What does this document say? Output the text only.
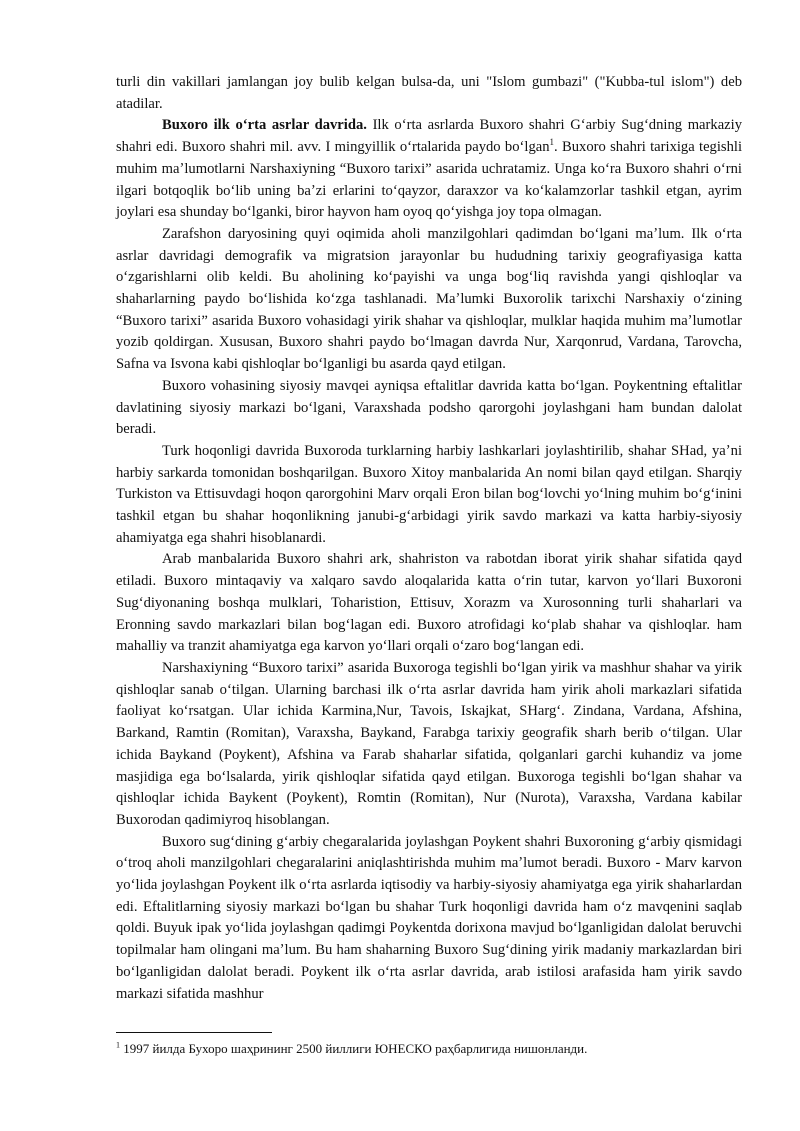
turli din vakillari jamlangan joy bulib kelgan bulsa-da, uni "Islom gumbazi" ("Kubba-tul islom") deb atadilar.

Buxoro ilk oʻrta asrlar davrida. Ilk oʻrta asrlarda Buxoro shahri Gʻarbiy Sugʻdning markaziy shahri edi. Buxoro shahri mil. avv. I mingyillik oʻrtalarida paydo boʻlgan$^1$. Buxoro shahri tarixiga tegishli muhim maʼlumotlarni Narshaxiyning “Buxoro tarixi” asarida uchratamiz. Unga koʻra Buxoro shahri oʻrni ilgari botqoqlik boʻlib uning baʼzi erlarini toʻqayzor, daraxzor va koʻkalamzorlar tashkil etgan, ayrim joylari esa shunday boʻlganki, biror hayvon ham oyoq qoʻyishga joy topa olmagan.

Zarafshon daryosining quyi oqimida aholi manzilgohlari qadimdan boʻlgani maʼlum. Ilk oʻrta asrlar davridagi demografik va migratsion jarayonlar bu hududning tarixiy geografiyasiga katta oʻzgarishlarni olib keldi. Bu aholining koʻpayishi va unga bogʻliq ravishda yangi qishloqlar va shaharlarning paydo boʻlishida koʻzga tashlanadi. Maʼlumki Buxorolik tarixchi Narshaxiy oʻzining “Buxoro tarixi” asarida Buxoro vohasidagi yirik shahar va qishloqlar, mulklar haqida muhim maʼlumotlar yozib qoldirgan. Xususan, Buxoro shahri paydo boʻlmagan davrda Nur, Xarqonrud, Vardana, Tarovcha, Safna va Isvona kabi qishloqlar boʻlganligi bu asarda qayd etilgan.

Buxoro vohasining siyosiy mavqei ayniqsa eftalitlar davrida katta boʻlgan. Poykentning eftalitlar davlatining siyosiy markazi boʻlgani, Varaxshada podsho qarorgohi joylashgani ham bundan dalolat beradi.

Turk hoqonligi davrida Buxoroda turklarning harbiy lashkarlari joylashtirilib, shahar SHad, yaʼni harbiy sarkarda tomonidan boshqarilgan. Buxoro Xitoy manbalarida An nomi bilan qayd etilgan. Sharqiy Turkiston va Ettisuvdagi hoqon qarorgohini Marv orqali Eron bilan bogʻlovchi yoʻlning muhim boʻgʻinini tashkil etgan bu shahar hoqonlikning janubi-gʻarbidagi yirik savdo markazi va katta harbiy-siyosiy ahamiyatga ega shahri hisoblanardi.

Arab manbalarida Buxoro shahri ark, shahriston va rabotdan iborat yirik shahar sifatida qayd etiladi. Buxoro mintaqaviy va xalqaro savdo aloqalarida katta oʻrin tutar, karvon yoʻllari Buxoroni Sugʻdiyonaning boshqa mulklari, Toharistion, Ettisuv, Xorazm va Xurosonning turli shaharlari va Eronning savdo markazlari bilan bogʻlagan edi. Buxoro atrofidagi koʻplab shahar va qishloqlar. ham mahalliy va tranzit ahamiyatga ega karvon yoʻllari orqali oʻzaro bogʻlangan edi.

Narshaxiyning “Buxoro tarixi” asarida Buxoroga tegishli boʻlgan yirik va mashhur shahar va yirik qishloqlar sanab oʻtilgan. Ularning barchasi ilk oʻrta asrlar davrida ham yirik aholi markazlari sifatida faoliyat koʻrsatgan. Ular ichida Karmina,Nur, Tavois, Iskajkat, SHargʻ. Zindana, Vardana, Afshina, Barkand, Ramtin (Romitan), Varaxsha, Baykand, Farabga tarixiy geografik sharh berib oʻtilgan. Ular ichida Baykand (Poykent), Afshina va Farab shaharlar sifatida, qolganlari garchi kuhandiz va jome masjidiga ega boʻlsalarda, yirik qishloqlar sifatida qayd etilgan. Buxoroga tegishli boʻlgan shahar va qishloqlar ichida Baykent (Poykent), Romtin (Romitan), Nur (Nurota), Varaxsha, Vardana kabilar Buxorodan qadimiyroq hisoblangan.

Buxoro sugʻdining gʻarbiy chegaralarida joylashgan Poykent shahri Buxoroning gʻarbiy qismidagi oʻtroq aholi manzilgohlari chegaralarini aniqlashtirishda muhim maʼlumot beradi. Buxoro - Marv karvon yoʻlida joylashgan Poykent ilk oʻrta asrlarda iqtisodiy va harbiy-siyosiy ahamiyatga ega yirik shaharlardan edi. Eftalitlarning siyosiy markazi boʻlgan bu shahar Turk hoqonligi davrida ham oʻz mavqenini saqlab qoldi. Buyuk ipak yoʻlida joylashgan qadimgi Poykentda dorixona mavjud boʻlganligidan dalolat beruvchi topilmalar ham olingani maʼlum. Bu ham shaharning Buxoro Sugʻdining yirik madaniy markazlardan biri boʻlganligidan dalolat beradi. Poykent ilk oʻrta asrlar davrida, arab istilosi arafasida ham yirik savdo markazi sifatida mashhur

$^1$ 1997 йилда Бухоро шаҳрининг 2500 йиллиги ЮНЕСКО раҳбарлигида нишонланди.
